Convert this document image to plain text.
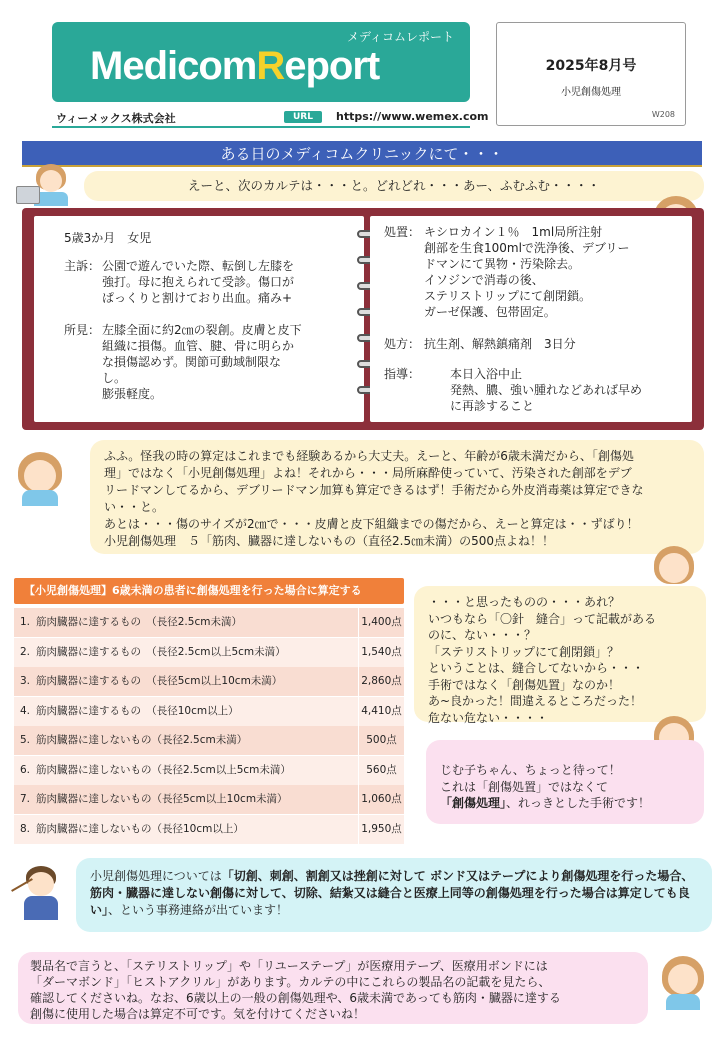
メディコムレポート
MedicomReport
ウィーメックス株式会社	URL	https://www.wemex.com
2025年8月号
小児創傷処理
W208
ある日のメディコムクリニックにて・・・
えーと、次のカルテは・・・と。どれどれ・・・あー、ふむふむ・・・・
5歳3か月　女児
主訴： 公園で遊んでいた際、転倒し左膝を
強打。母に抱えられて受診。傷口が
ぱっくりと割けており出血。痛み+
所見： 左膝全面に約2㎝の裂創。皮膚と皮下
組織に損傷。血管、腱、骨に明らか
な損傷認めず。関節可動域制限な
し。
膨張軽度。
処置： キシロカイン１％　1ml局所注射
創部を生食100mlで洗浄後、デブリー
ドマンにて異物・汚染除去。
イソジンで消毒の後、
ステリストリップにて創閉鎖。
ガーゼ保護、包帯固定。
処方： 抗生剤、解熱鎮痛剤　3日分
指導： 本日入浴中止
発熱、膿、強い腫れなどあれば早め
に再診すること
ふふ。怪我の時の算定はこれまでも経験あるから大丈夫。えーと、年齢が6歳未満だから、「創傷処
理」ではなく「小児創傷処理」よね！それから・・・局所麻酔使っていて、汚染された創部をデブ
リードマンしてるから、デブリードマン加算も算定できるはず！手術だから外皮消毒薬は算定できな
い・・と。
あとは・・・傷のサイズが2㎝で・・・皮膚と皮下組織までの傷だから、えーと算定は・・ずばり！
小児創傷処理　５「筋肉、臓器に達しないもの（直径2.5㎝未満）の500点よね！！
【小児創傷処理】6歳未満の患者に創傷処理を行った場合に算定する
1. 筋肉臓器に達するもの　（長径2.5cm未満）	1,400点
2. 筋肉臓器に達するもの　（長径2.5cm以上5cm未満）	1,540点
3. 筋肉臓器に達するもの　（長径5cm以上10cm未満）	2,860点
4. 筋肉臓器に達するもの　（長径10cm以上）	4,410点
5. 筋肉臓器に達しないもの（長径2.5cm未満）	500点
6. 筋肉臓器に達しないもの（長径2.5cm以上5cm未満）	560点
7. 筋肉臓器に達しないもの（長径5cm以上10cm未満）	1,060点
8. 筋肉臓器に達しないもの（長径10cm以上）	1,950点
・・・と思ったものの・・・あれ？
いつもなら「〇針　縫合」って記載がある
のに、ない・・・？
「ステリストリップにて創閉鎖」？
ということは、縫合してないから・・・
手術ではなく「創傷処置」なのか！
あ~良かった！間違えるところだった！
危ない危ない・・・・
じむ子ちゃん、ちょっと待って！
これは「創傷処置」ではなくて
「創傷処理」、れっきとした手術です！
小児創傷処理については「切創、刺創、割創又は挫創に対して ボンド又はテープにより創傷処理を行った場合、筋肉・臓器に達しない創傷に対して、切除、結紮又は縫合と医療上同等の創傷処理を行った場合は算定しても良い」、という事務連絡が出ています！
製品名で言うと、「ステリストリップ」や「リユーステープ」が医療用テープ、医療用ボンドには
「ダーマボンド」「ヒストアクリル」があります。カルテの中にこれらの製品名の記載を見たら、
確認してくださいね。なお、6歳以上の一般の創傷処理や、6歳未満であっても筋肉・臓器に達する
創傷に使用した場合は算定不可です。気を付けてくださいね！
